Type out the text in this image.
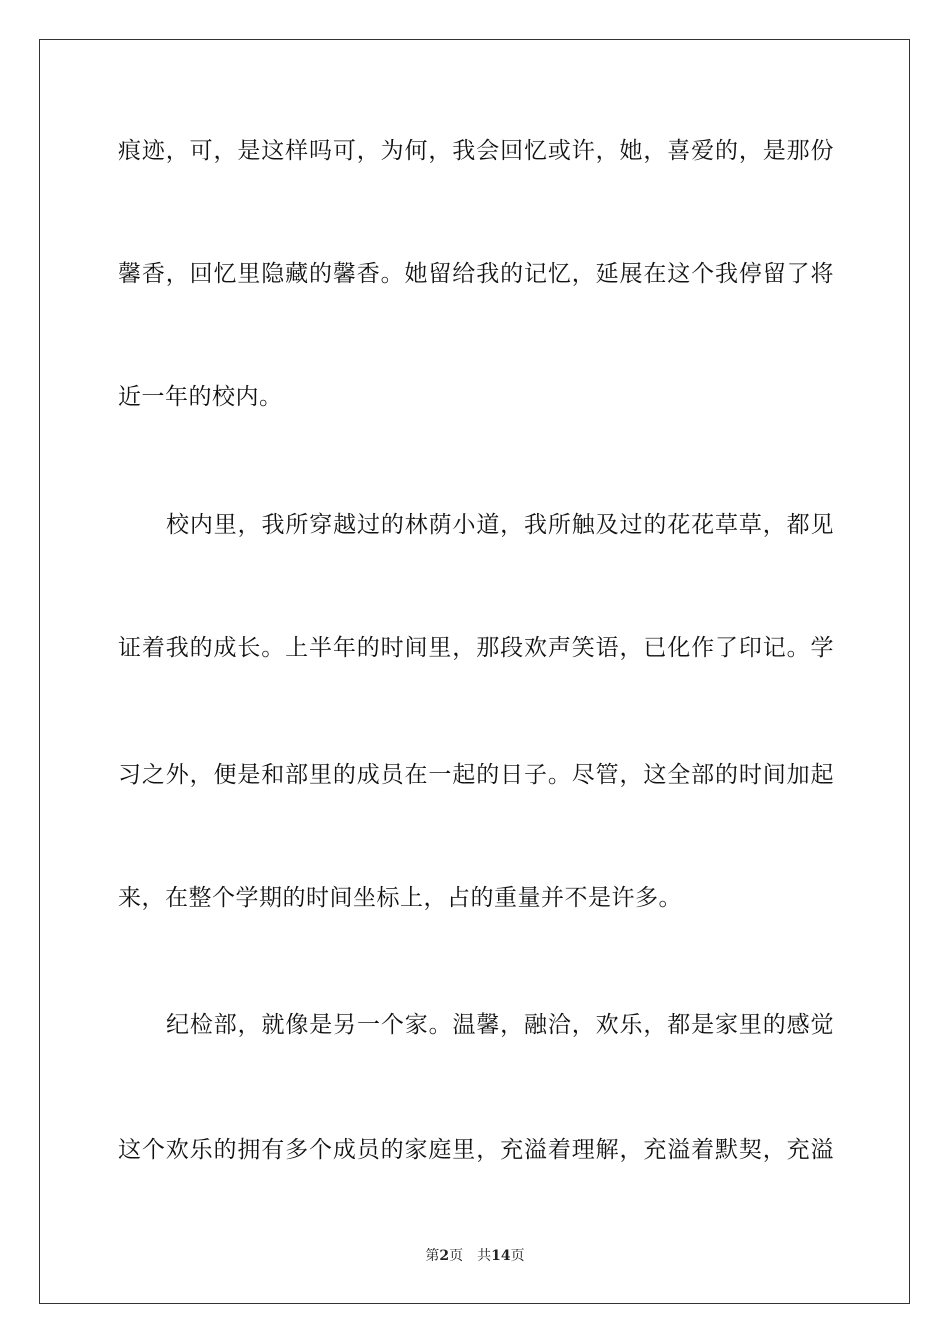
痕迹，可，是这样吗可，为何，我会回忆或许，她，喜爱的，是那份
馨香，回忆里隐藏的馨香。她留给我的记忆，延展在这个我停留了将
近一年的校内。
校内里，我所穿越过的林荫小道，我所触及过的花花草草，都见
证着我的成长。上半年的时间里，那段欢声笑语，已化作了印记。学
习之外，便是和部里的成员在一起的日子。尽管，这全部的时间加起
来，在整个学期的时间坐标上，占的重量并不是许多。
纪检部，就像是另一个家。温馨，融洽，欢乐，都是家里的感觉
这个欢乐的拥有多个成员的家庭里，充溢着理解，充溢着默契，充溢
第2页 共14页
